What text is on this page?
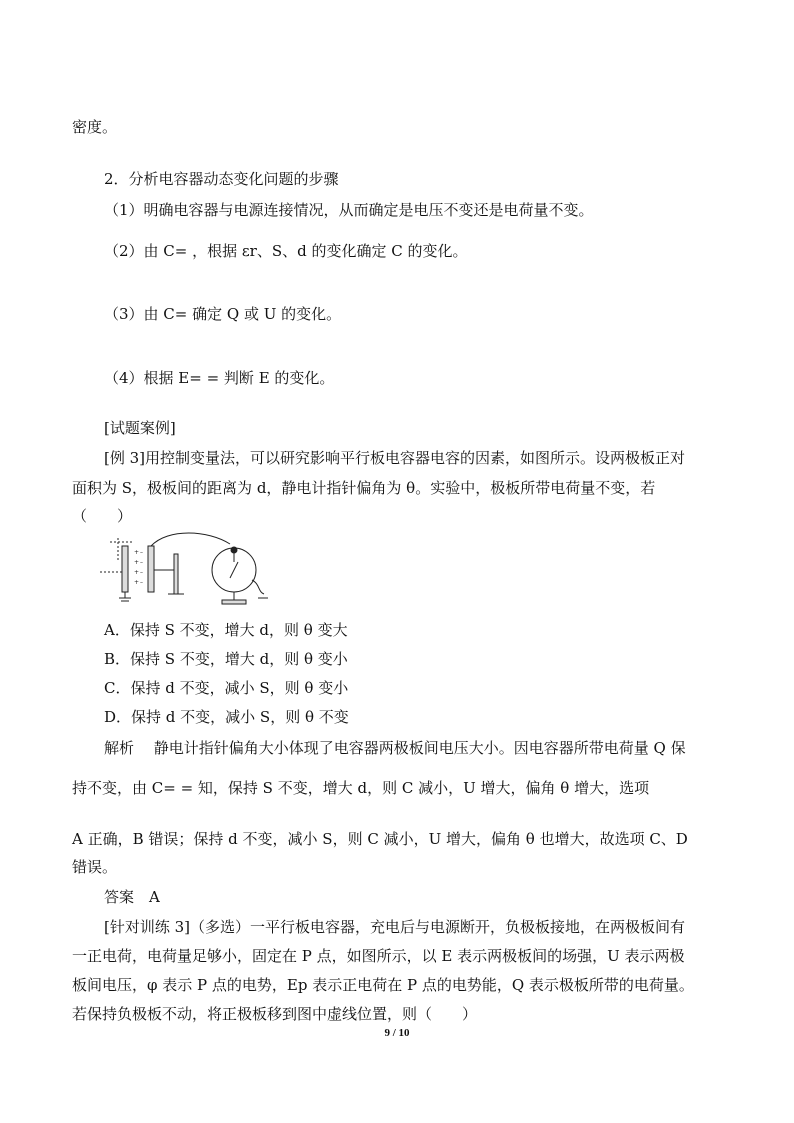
密度。
2．分析电容器动态变化问题的步骤
（1）明确电容器与电源连接情况，从而确定是电压不变还是电荷量不变。
（2）由 C= ，根据 εr、S、d 的变化确定 C 的变化。
（3）由 C= 确定 Q 或 U 的变化。
（4）根据 E= = 判断 E 的变化。
[试题案例]
[例 3]用控制变量法，可以研究影响平行板电容器电容的因素，如图所示。设两极板正对
面积为 S，极板间的距离为 d，静电计指针偏角为 θ。实验中，极板所带电荷量不变，若
（　　）
+
+
+
+
–
–
–
–
A．保持 S 不变，增大 d，则 θ 变大
B．保持 S 不变，增大 d，则 θ 变小
C．保持 d 不变，减小 S，则 θ 变小
D．保持 d 不变，减小 S，则 θ 不变
解析　 静电计指针偏角大小体现了电容器两极板间电压大小。因电容器所带电荷量 Q 保
持不变，由 C= = 知，保持 S 不变，增大 d，则 C 减小，U 增大，偏角 θ 增大，选项
A 正确，B 错误；保持 d 不变，减小 S，则 C 减小，U 增大，偏角 θ 也增大，故选项 C、D
错误。
答案　A
[针对训练 3]（多选）一平行板电容器，充电后与电源断开，负极板接地，在两极板间有
一正电荷，电荷量足够小，固定在 P 点，如图所示，以 E 表示两极板间的场强，U 表示两极
板间电压，φ 表示 P 点的电势，Ep 表示正电荷在 P 点的电势能，Q 表示极板所带的电荷量。
若保持负极板不动，将正极板移到图中虚线位置，则（　　）
9 / 10
